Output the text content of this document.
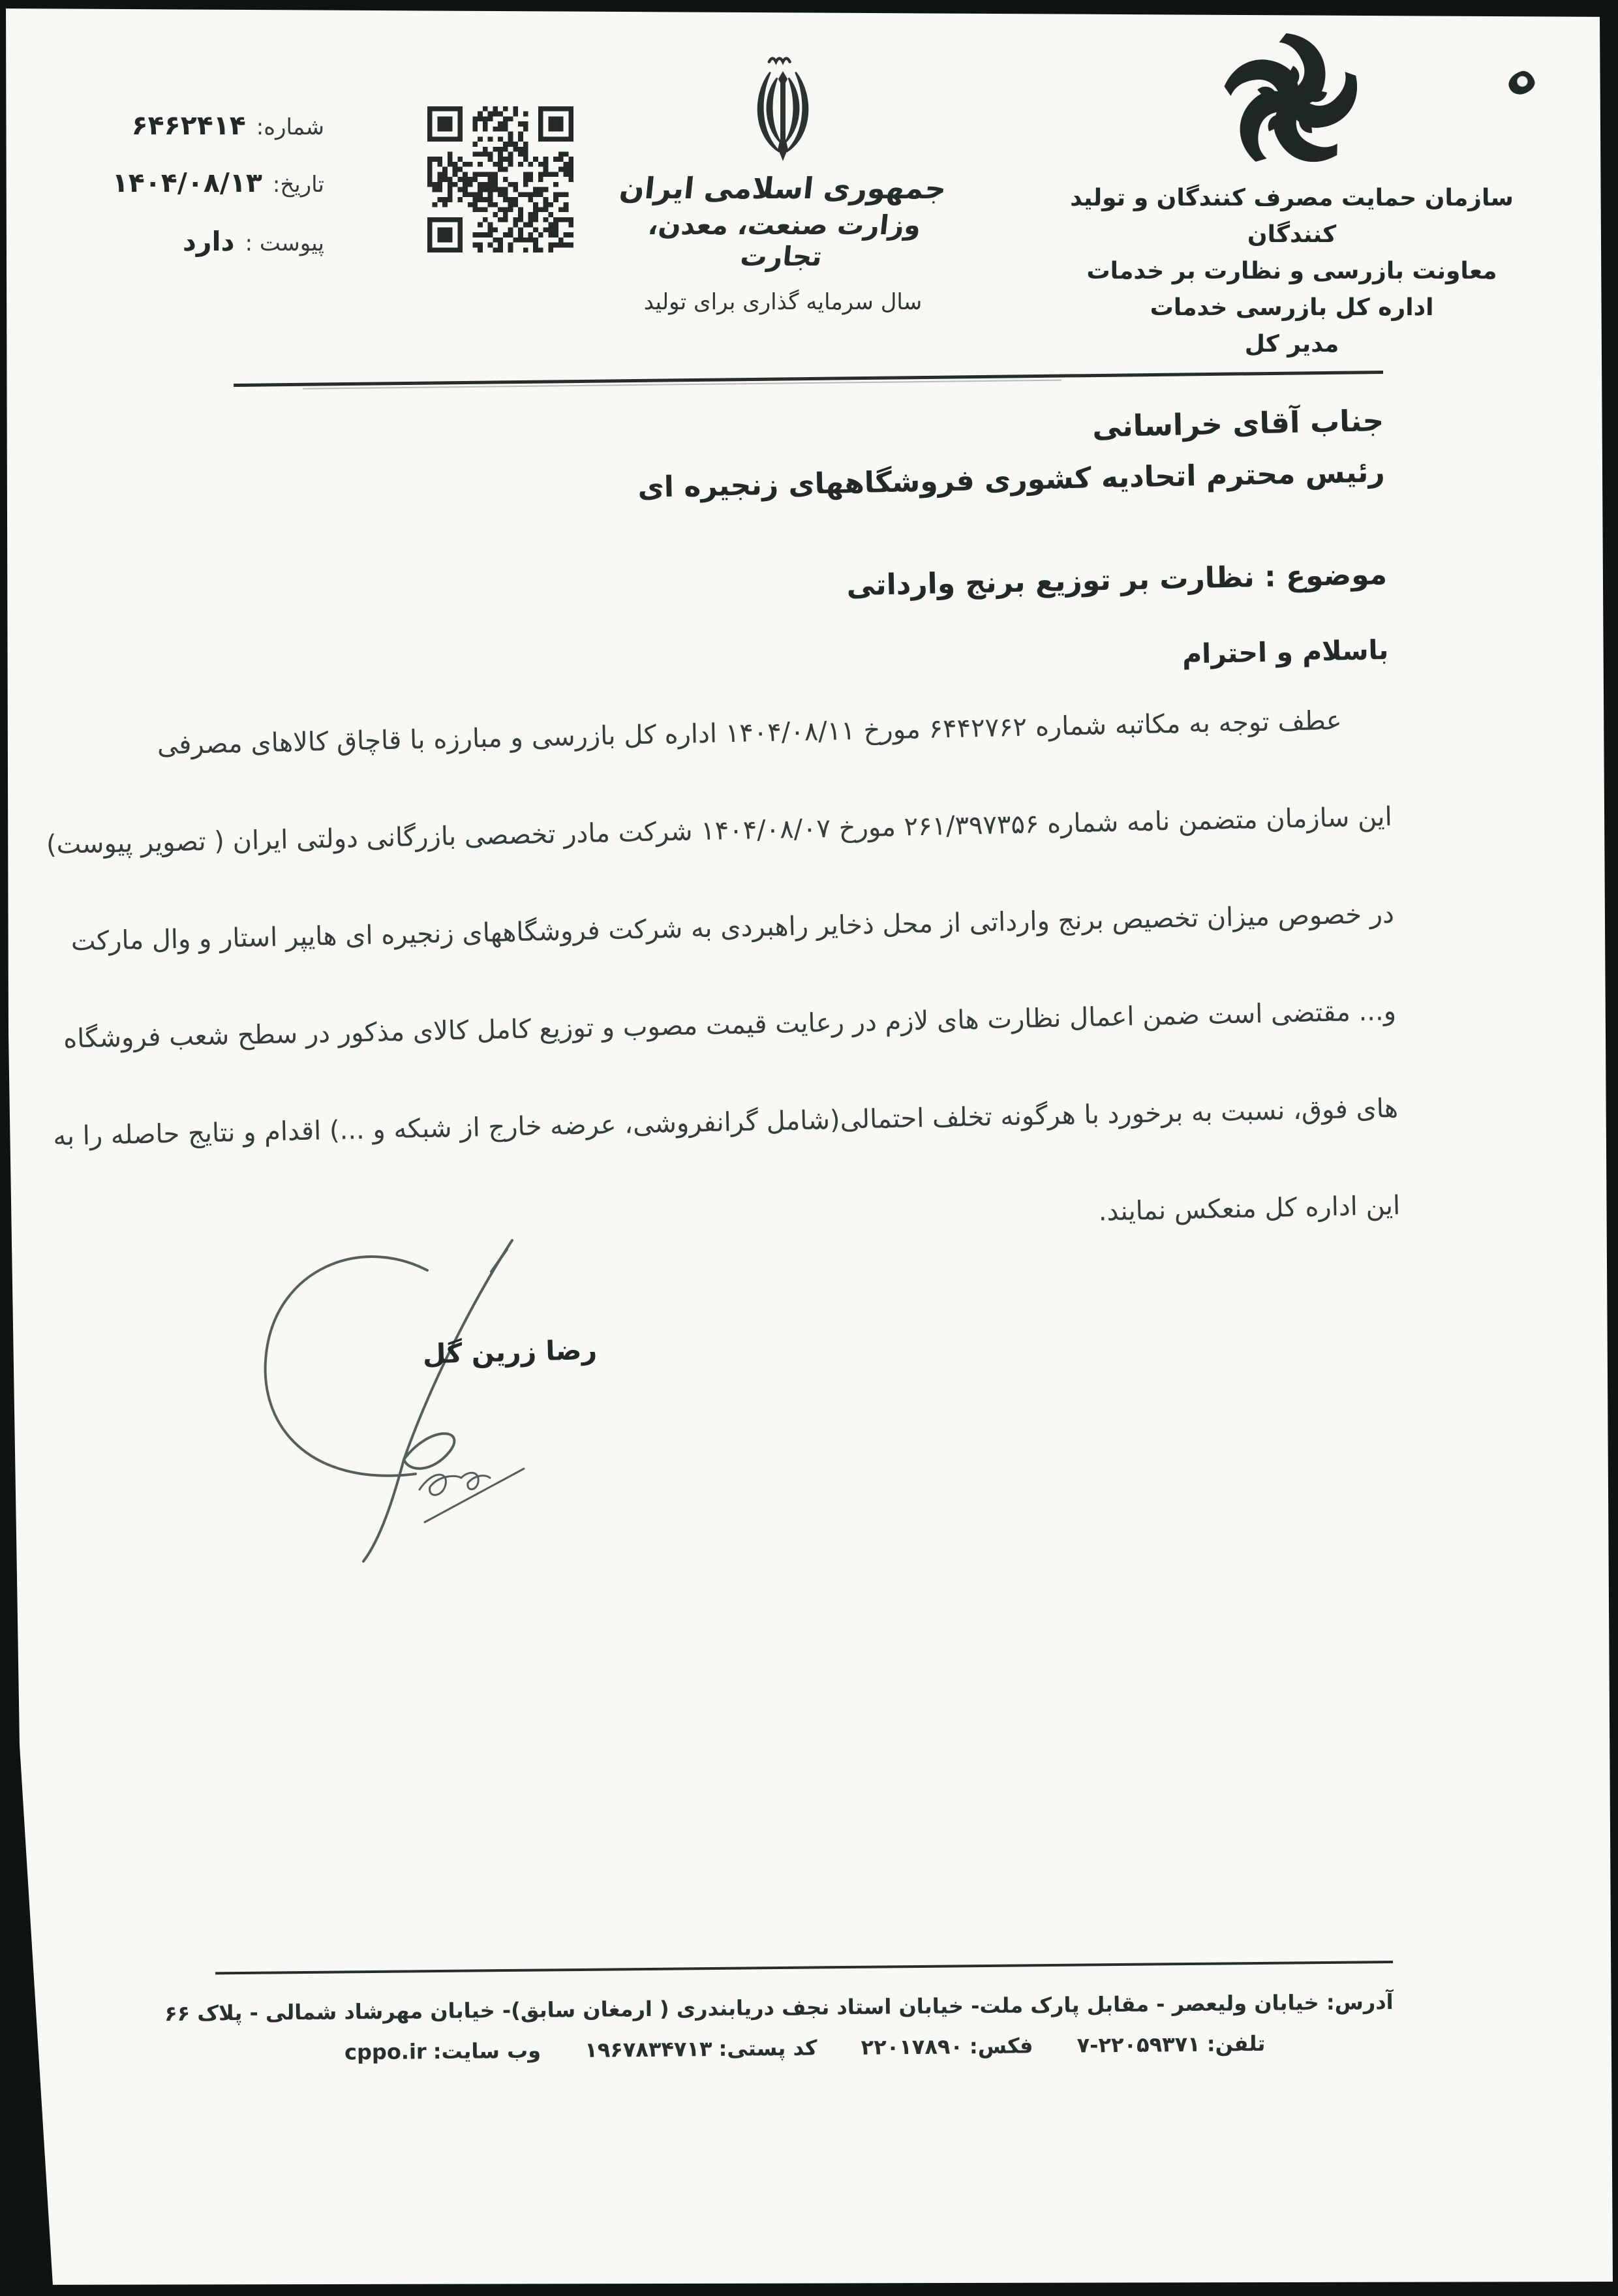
شماره:۶۴۶۲۴۱۴
تاریخ:۱۴۰۴/۰۸/۱۳
پیوست :دارد
جمهوری اسلامی ایران
وزارت صنعت، معدن، تجارت
سال سرمایه گذاری برای تولید
سازمان حمایت مصرف کنندگان و تولید کنندگان
معاونت بازرسی و نظارت بر خدمات
اداره کل بازرسی خدمات
مدیر کل
جناب آقای خراسانی
رئیس محترم اتحادیه کشوری فروشگاههای زنجیره ای
موضوع : نظارت بر توزیع برنج وارداتی
باسلام و احترام
عطف توجه به مکاتبه شماره ۶۴۴۲۷۶۲ مورخ ۱۴۰۴/۰۸/۱۱ اداره کل بازرسی و مبارزه با قاچاق کالاهای مصرفی
این سازمان متضمن نامه شماره ۲۶۱/۳۹۷۳۵۶ مورخ ۱۴۰۴/۰۸/۰۷ شرکت مادر تخصصی بازرگانی دولتی ایران ( تصویر پیوست)
در خصوص میزان تخصیص برنج وارداتی از محل ذخایر راهبردی به شرکت فروشگاههای زنجیره ای هایپر استار و وال مارکت
و... مقتضی است ضمن اعمال نظارت های لازم در رعایت قیمت مصوب و توزیع کامل کالای مذکور در سطح شعب فروشگاه
های فوق، نسبت به برخورد با هرگونه تخلف احتمالی(شامل گرانفروشی، عرضه خارج از شبکه و ...) اقدام و نتایج حاصله را به
این اداره کل منعکس نمایند.
رضا زرین گل
آدرس: خیابان ولیعصر - مقابل پارک ملت- خیابان استاد نجف دریابندری ( ارمغان سابق)- خیابان مهرشاد شمالی - پلاک ۶۶
تلفن:۲۲۰۵۹۳۷۱-۷ فکس:۲۲۰۱۷۸۹۰ کد پستی:۱۹۶۷۸۳۴۷۱۳ وب سایت:cppo.ir
